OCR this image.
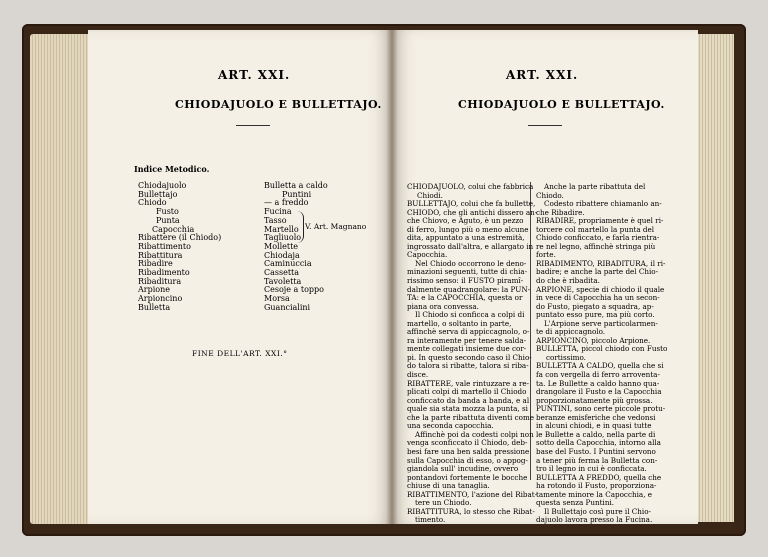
ART. XXI.
CHIODAJUOLO E BULLETTAJO.
Indice Metodico.
Chiodajuolo
Bullettajo
Chiodo
Fusto
Punta
Capocchia
Ribattere (il Chiodo)
Ribattimento
Ribattitura
Ribadire
Ribadimento
Ribaditura
Arpione
Arpioncino
Bulletta
Bulletta a caldo
Puntini
— a freddo
Fucina
Tasso
Martello
Tagliuolo
Mollette
Chiodaja
Caminuccia
Cassetta
Tavoletta
Cesoje a toppo
Morsa
Guancialini
V. Art. Magnano
FINE DELL'ART. XXI.°
ART. XXI.
CHIODAJUOLO E BULLETTAJO.

CHIODAJUOLO, colui che fabbrica

Chiodi.

BULLETTAJO, colui che fa bullette,

CHIODO, che gli antichi dissero an-

che Chiovo, e Aguto, è un pezzo

di ferro, lungo più o meno alcune

dita, appuntato a una estremità,

ingrossato dall'altra, e allargato in

Capocchia.

Nel Chiodo occorrono le deno-

minazioni seguenti, tutte di chia-

rissimo senso: il FUSTO piramî-

dalmente quadrangolare: la PUN-

TA: e la CAPOCCHIA, questa or

piana ora convessa.

Il Chiodo si conficca a colpi di

martello, o soltanto in parte,

affinchè serva di appiccagnolo, o-

ra interamente per tenere salda-

mente collegati insieme due cor-

pi. In questo secondo caso il Chio-

do talora si ribatte, talora si riba-

disce.

RIBATTERE, vale rintuzzare a re-

plicati colpi di martello il Chiodo

conficcato da banda a banda, e al

quale sia stata mozza la punta, si

che la parte ribattuta diventi come

una seconda capocchia.

Affinchè poi da codesti colpi non

venga sconficcato il Chiodo, deb-

besi fare una ben salda pressione

sulla Capocchia di esso, o appog-

giandola sull' incudine, ovvero

pontandovi fortemente le bocche

chiuse di una tanaglia.

RIBATTIMENTO, l'azione del Ribat-

tere un Chiodo.

RIBATTITURA, lo stesso che Ribat-

timento.

Anche la parte ribattuta del

Chiodo.

Codesto ribattere chiamanlo an-

che Ribadire.

RIBADIRE, propriamente è quel ri-

torcere col martello la punta del

Chiodo conficcato, e farla rientra-

re nel legno, affinchè stringa più

forte.

RIBADIMENTO, RIBADITURA, il ri-

badire; e anche la parte del Chio-

do che è ribadita.

ARPIONE, specie di chiodo il quale

in vece di Capocchia ha un secon-

do Fusto, piegato a squadra, ap-

puntato esso pure, ma più corto.

L'Arpione serve particolarmen-

te di appiccagnolo.

ARPIONCINO, piccolo Arpione.

BULLETTA, piccol chiodo con Fusto

cortissimo.

BULLETTA A CALDO, quella che si

fa con vergella di ferro arroventa-

ta. Le Bullette a caldo hanno qua-

drangolare il Fusto e la Capocchia

proporzionatamente più grossa.

PUNTINI, sono certe piccole protu-

beranze emisferiche che vedonsi

in alcuni chiodi, e in quasi tutte

le Bullette a caldo, nella parte di

sotto della Capocchia, intorno alla

base del Fusto. I Puntini servono

a tener più ferma la Bulletta con-

tro il legno in cui è conficcata.

BULLETTA A FREDDO, quella che

ha rotondo il Fusto, proporziona-

tamente minore la Capocchia, e

questa senza Puntini.

Il Bullettajo così pure il Chio-

dajuolo lavora presso la Fucina.
